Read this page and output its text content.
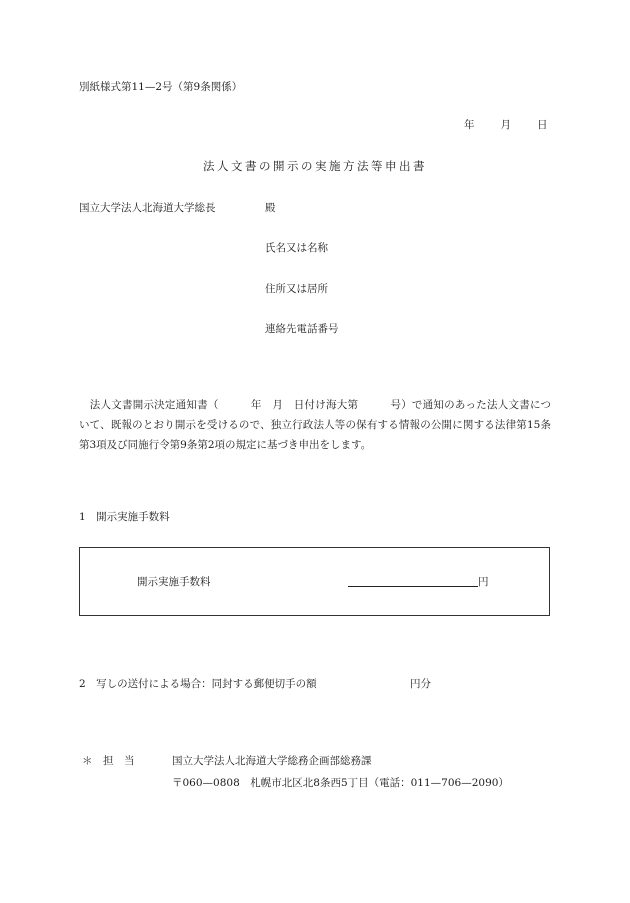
別紙様式第11—2号（第9条関係）
年 月 日
法人文書の開示の実施方法等申出書
国立大学法人北海道大学総長	殿
氏名又は名称
住所又は居所
連絡先電話番号
　法人文書開示決定通知書（　　　年　月　日付け海大第　　　号）で通知のあった法人文書について、既報のとおり開示を受けるので、独立行政法人等の保有する情報の公開に関する法律第15条第3項及び同施行令第9条第2項の規定に基づき申出をします。
1　開示実施手数料
開示実施手数料	円
2　写しの送付による場合：同封する郵便切手の額	円分
＊ 担　当	国立大学法人北海道大学総務企画部総務課
〒060—0808　札幌市北区北8条西5丁目（電話：011—706—2090）
